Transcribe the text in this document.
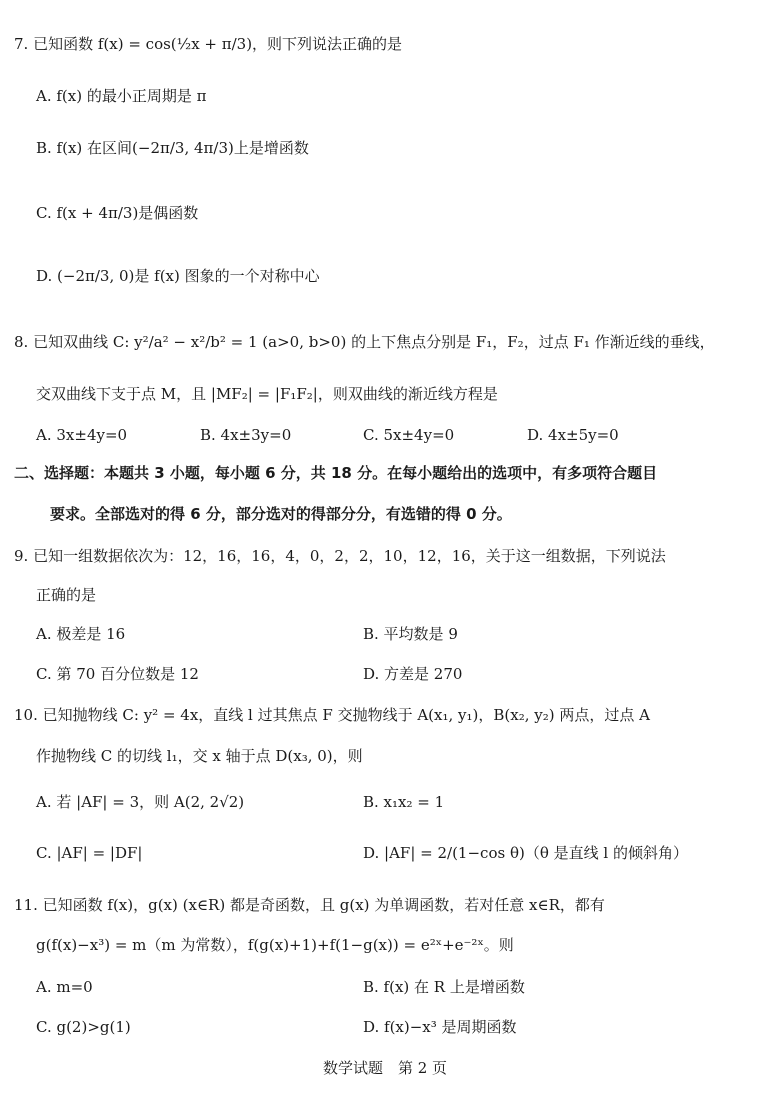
7. 已知函数 f(x) = cos(½x + π/3)，则下列说法正确的是
A. f(x) 的最小正周期是 π
B. f(x) 在区间(−2π/3, 4π/3)上是增函数
C. f(x + 4π/3)是偶函数
D. (−2π/3, 0)是 f(x) 图象的一个对称中心
8. 已知双曲线 C: y²/a² − x²/b² = 1 (a>0, b>0) 的上下焦点分别是 F₁，F₂，过点 F₁ 作渐近线的垂线，
交双曲线下支于点 M，且 |MF₂| = |F₁F₂|，则双曲线的渐近线方程是
A. 3x±4y=0	B. 4x±3y=0	C. 5x±4y=0	D. 4x±5y=0
二、选择题：本题共 3 小题，每小题 6 分，共 18 分。在每小题给出的选项中，有多项符合题目
要求。全部选对的得 6 分，部分选对的得部分分，有选错的得 0 分。
9. 已知一组数据依次为：12，16，16，4，0，2，2，10，12，16，关于这一组数据，下列说法
正确的是
A. 极差是 16	B. 平均数是 9
C. 第 70 百分位数是 12	D. 方差是 270
10. 已知抛物线 C: y² = 4x，直线 l 过其焦点 F 交抛物线于 A(x₁, y₁)，B(x₂, y₂) 两点，过点 A
作抛物线 C 的切线 l₁，交 x 轴于点 D(x₃, 0)，则
A. 若 |AF| = 3，则 A(2, 2√2)	B. x₁x₂ = 1
C. |AF| = |DF|	D. |AF| = 2/(1−cos θ)（θ 是直线 l 的倾斜角）
11. 已知函数 f(x)，g(x) (x∈R) 都是奇函数，且 g(x) 为单调函数，若对任意 x∈R，都有
g(f(x)−x³) = m（m 为常数），f(g(x)+1)+f(1−g(x)) = e²ˣ+e⁻²ˣ。则
A. m=0	B. f(x) 在 R 上是增函数
C. g(2)>g(1)	D. f(x)−x³ 是周期函数
数学试题　第 2 页
